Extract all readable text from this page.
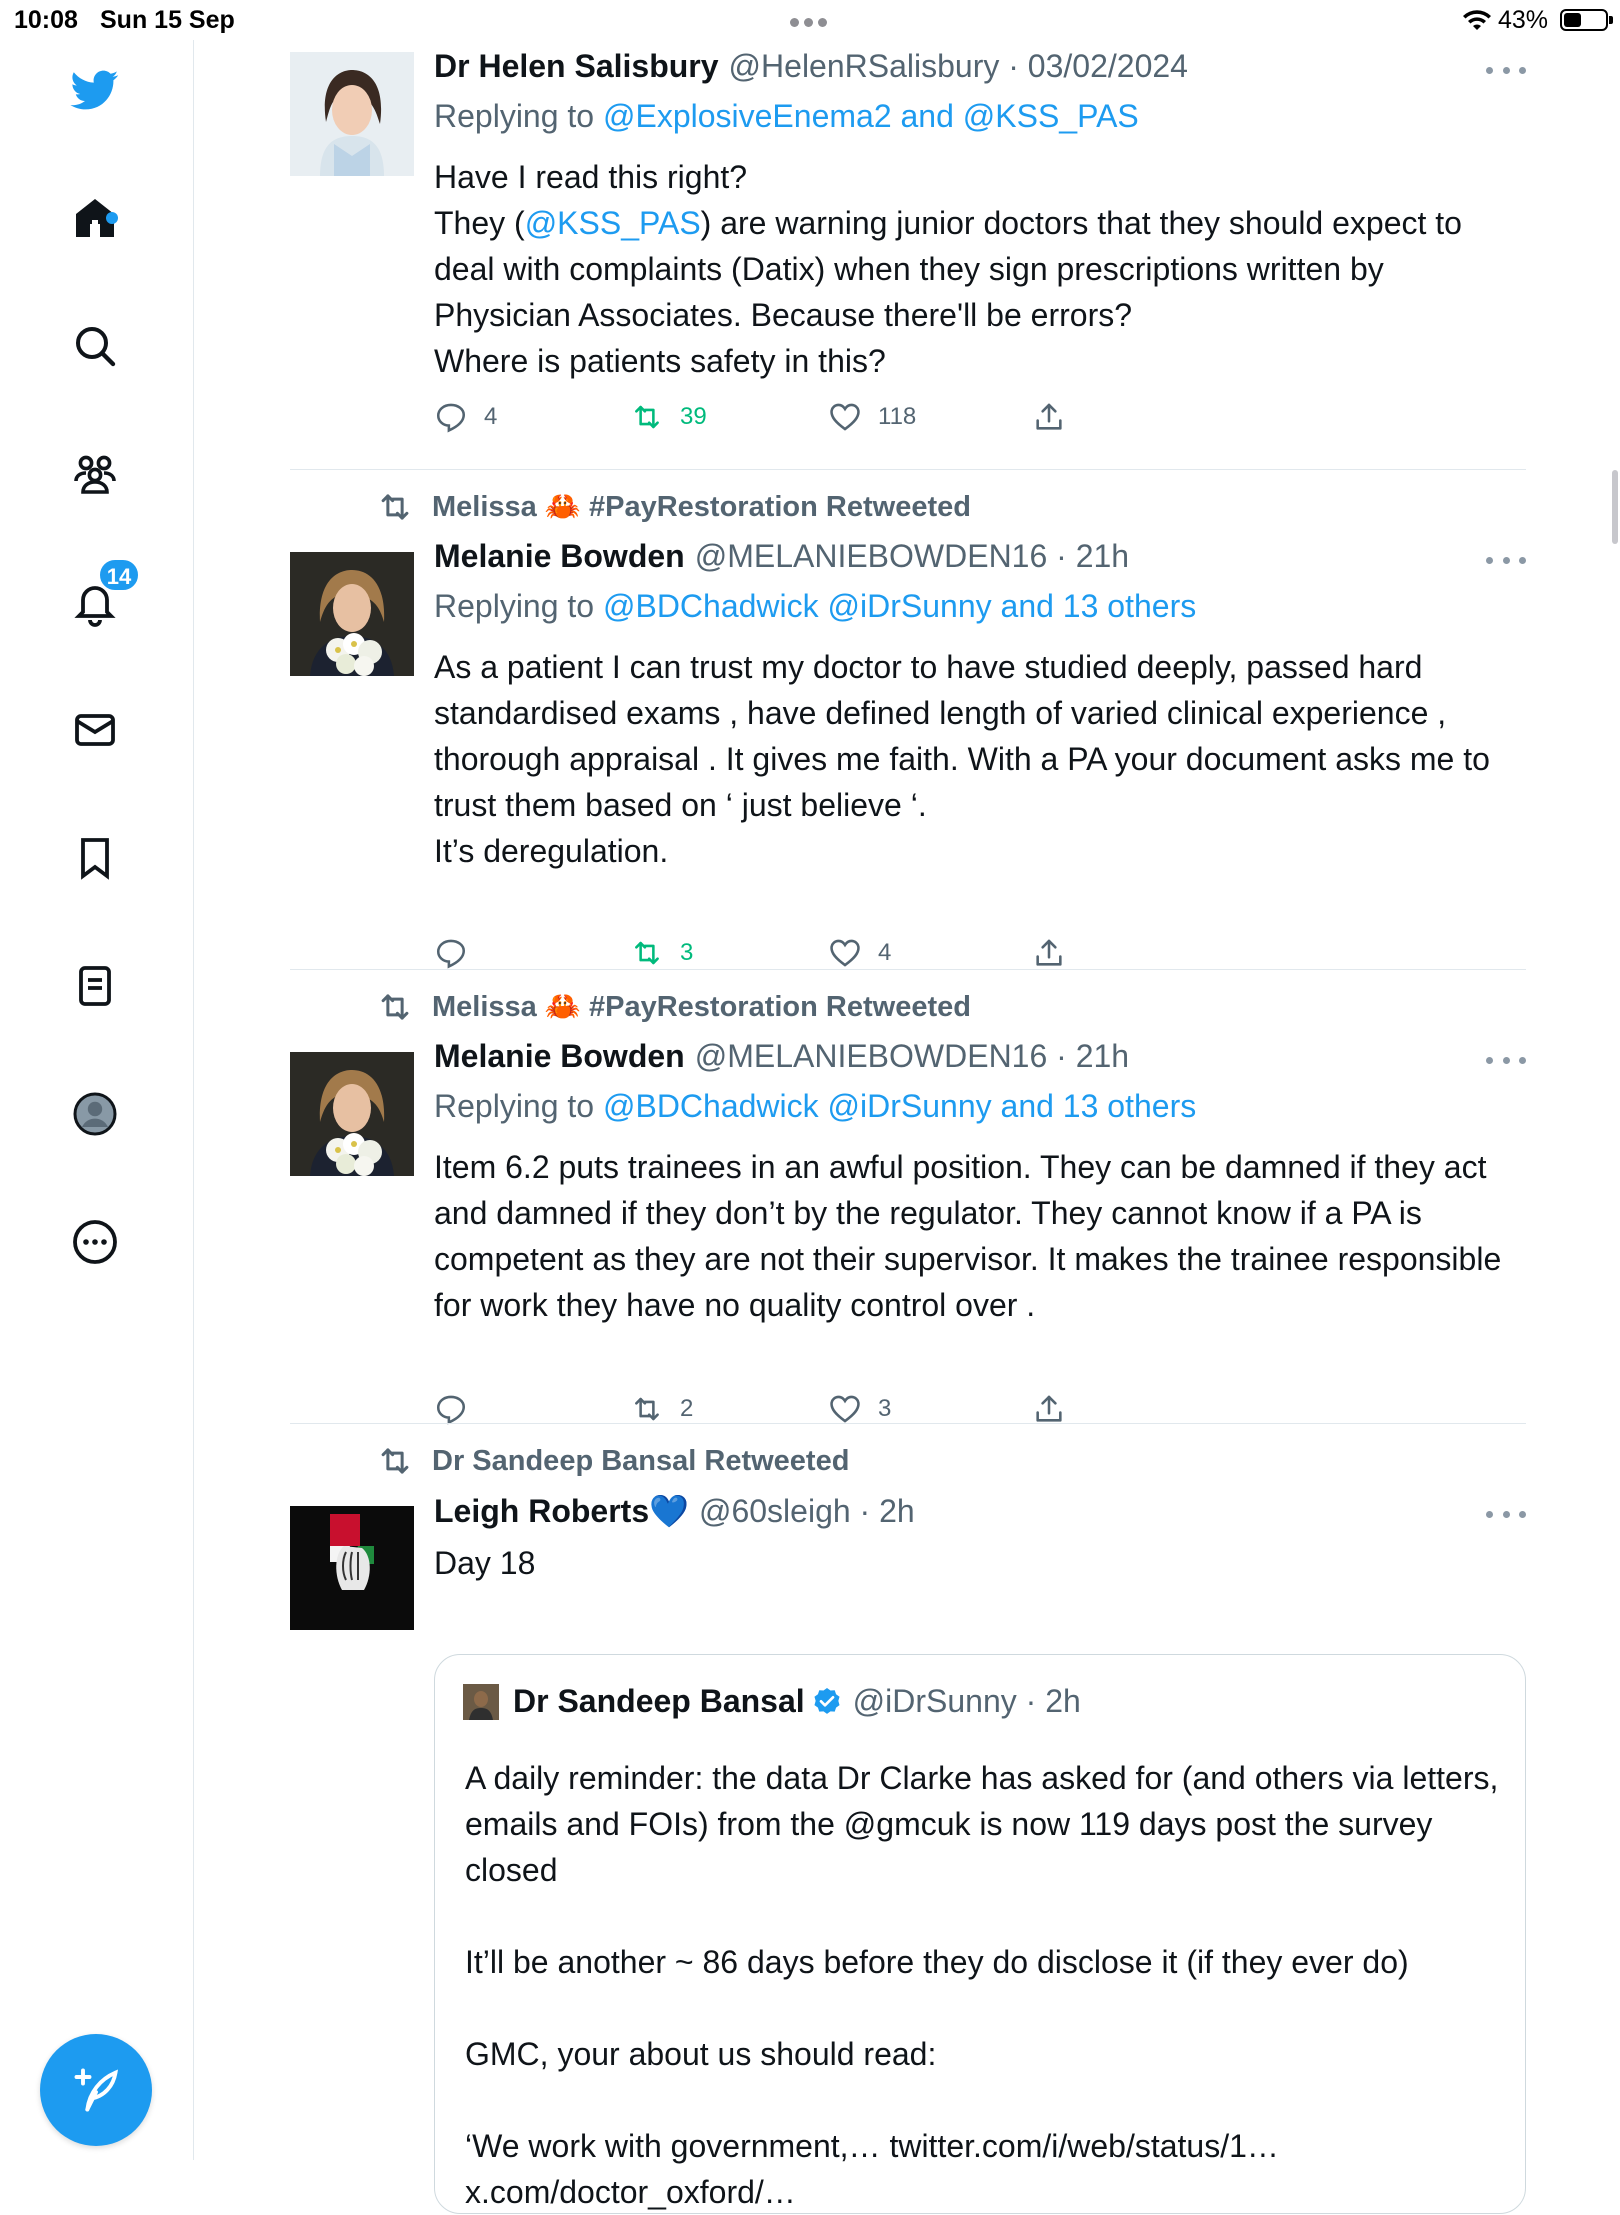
10:08 Sun 15 Sep	43%
14
Dr Helen Salisbury @HelenRSalisbury · 03/02/2024
Replying to @ExplosiveEnema2 and @KSS_PAS

Have I read this right?

They (@KSS_PAS) are warning junior doctors that they should expect to deal with complaints (Datix) when they sign prescriptions written by Physician Associates. Because there'll be errors?

Where is patients safety in this?

4	39	118
Melissa 🦀 #PayRestoration Retweeted
Melanie Bowden @MELANIEBOWDEN16 · 21h
Replying to @BDChadwick @iDrSunny and 13 others

As a patient I can trust my doctor to have studied deeply, passed hard standardised exams , have defined length of varied clinical experience , thorough appraisal . It gives me faith. With a PA your document asks me to trust them based on ‘ just believe ‘.

It’s deregulation.

3	4
Melissa 🦀 #PayRestoration Retweeted
Melanie Bowden @MELANIEBOWDEN16 · 21h
Replying to @BDChadwick @iDrSunny and 13 others

Item 6.2 puts trainees in an awful position. They can be damned if they act and damned if they don’t by the regulator. They cannot know if a PA is competent as they are not their supervisor. It makes the trainee responsible for work they have no quality control over .

2	3
Dr Sandeep Bansal Retweeted
Leigh Roberts💙 @60sleigh · 2h

Day 18

Dr Sandeep Bansal @iDrSunny · 2h

A daily reminder: the data Dr Clarke has asked for (and others via letters, emails and FOIs) from the @gmcuk is now 119 days post the survey closed

It’ll be another ~ 86 days before they do disclose it (if they ever do)

GMC, your about us should read:

‘We work with government,… twitter.com/i/web/status/1… x.com/doctor_oxford/…
